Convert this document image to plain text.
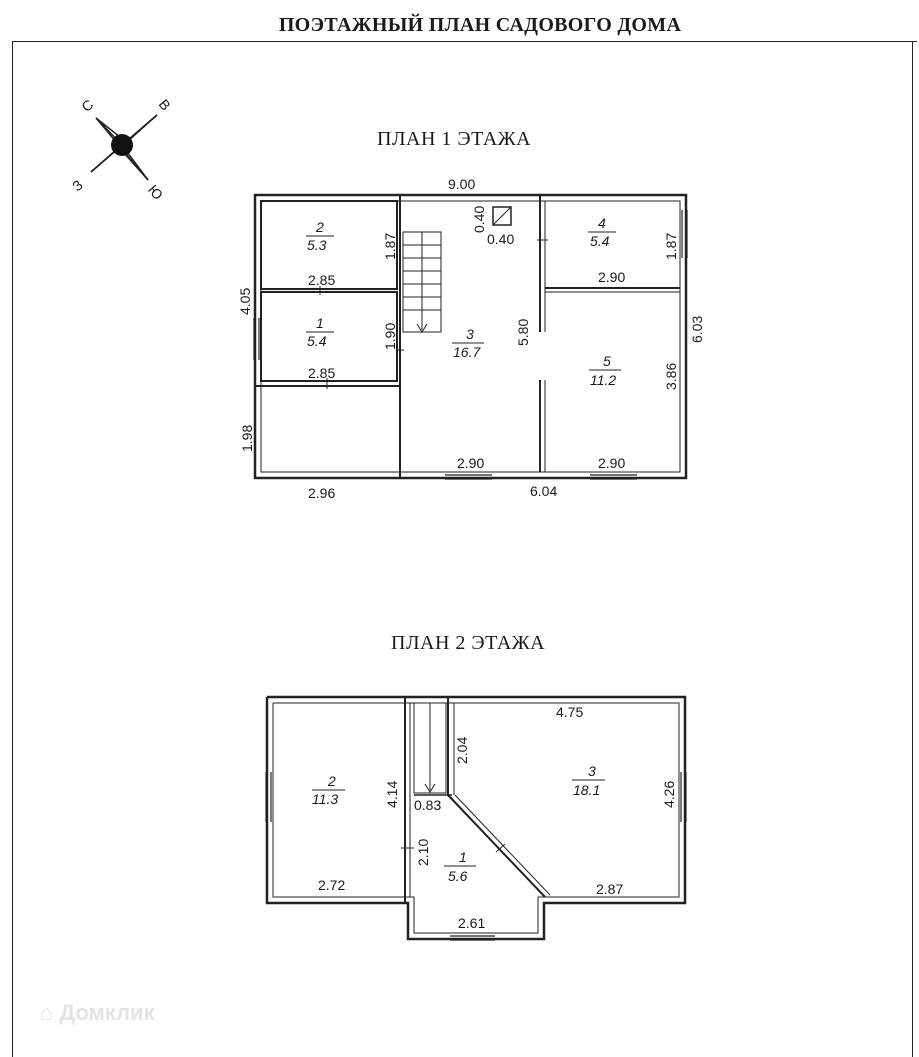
ПОЭТАЖНЫЙ ПЛАН САДОВОГО ДОМА
ПЛАН 1 ЭТАЖА
ПЛАН 2 ЭТАЖА
С	В
З	Ю	9.00
4.05
6.03
1.87
2.85
1.90
2.85
1.98
2.96
0.40
0.40
5.80
2.90
1.87
2.90
3.86
2.90
6.04
2
5.3
1
5.4	3
16.7
4
5.4
5
11.2
4.75
2.04
4.14	4.26
0.83
2.10
2.72	2.87
2.61
2
11.3
3
18.1
1
5.6
⌂ Домклик
